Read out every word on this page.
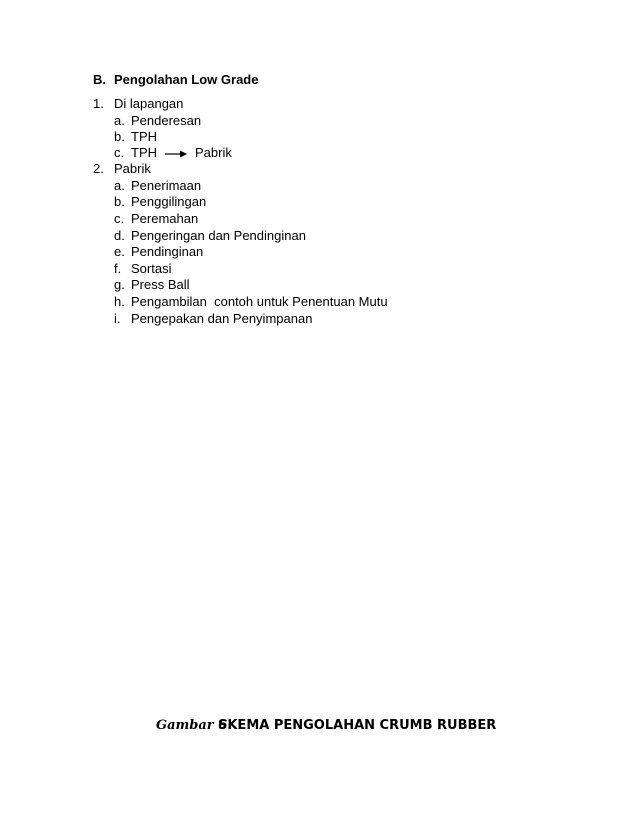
B. Pengolahan Low Grade
1. Di lapangan
a. Penderesan
b. TPH
c. TPH	Pabrik
2. Pabrik
a. Penerimaan
b. Penggilingan
c. Peremahan
d. Pengeringan dan Pendinginan
e. Pendinginan
f. Sortasi
g. Press Ball
h. Pengambilan  contoh untuk Penentuan Mutu
i. Pengepakan dan Penyimpanan
Gambar 6.SKEMA PENGOLAHAN CRUMB RUBBER
